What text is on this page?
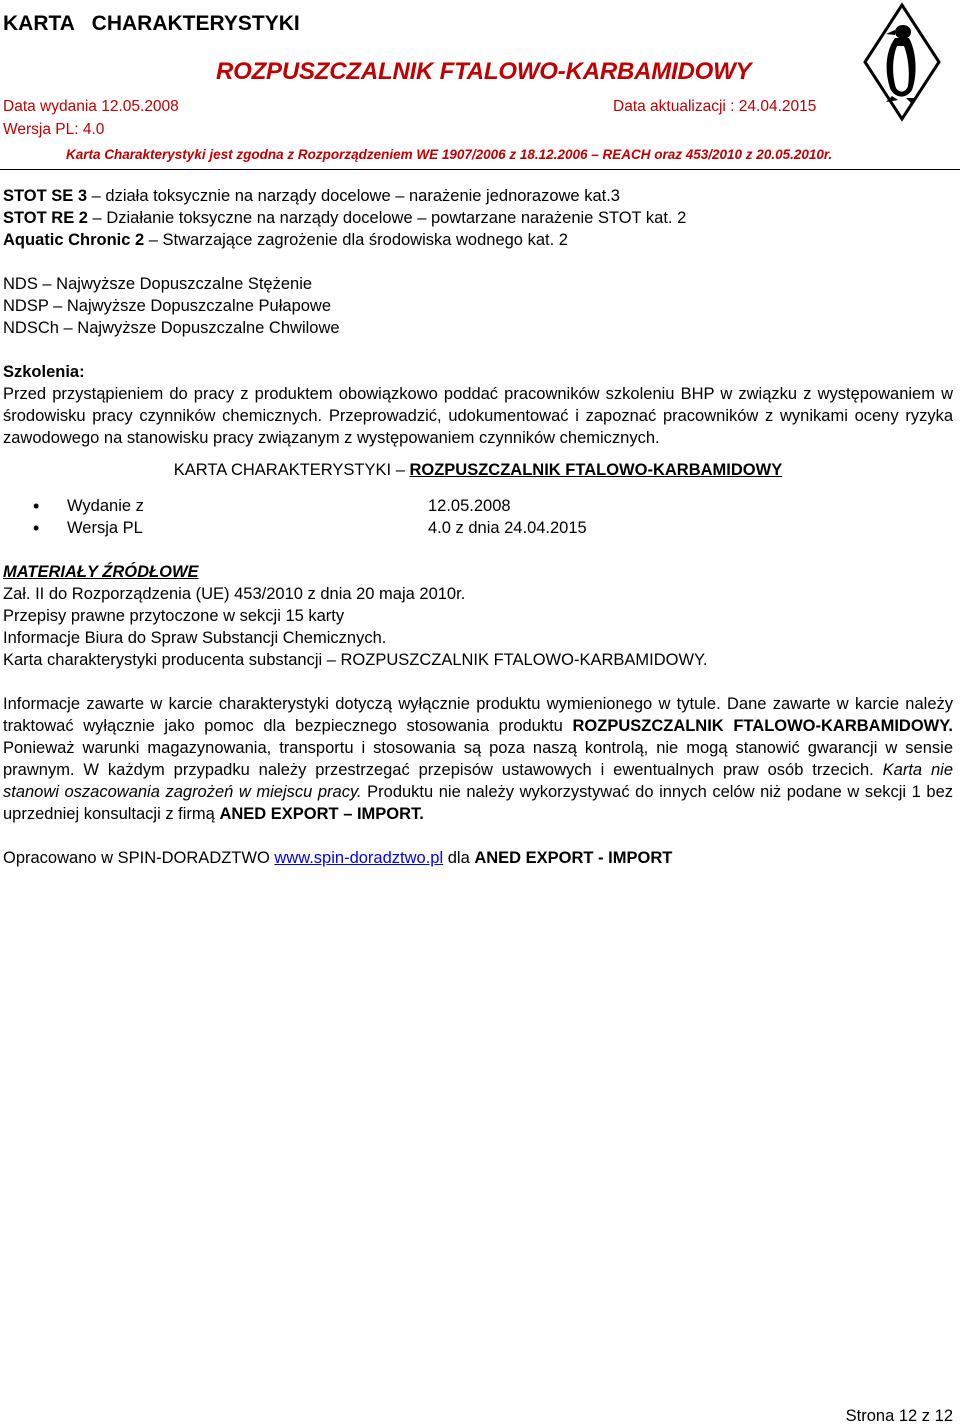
KARTA   CHARAKTERYSTYKI
ROZPUSZCZALNIK FTALOWO-KARBAMIDOWY
Data wydania 12.05.2008	Data aktualizacji : 24.04.2015
Wersja PL: 4.0
Karta Charakterystyki jest zgodna z Rozporządzeniem WE 1907/2006 z 18.12.2006 – REACH oraz 453/2010 z 20.05.2010r.
STOT SE 3 – działa toksycznie na narządy docelowe – narażenie jednorazowe kat.3
STOT RE 2 – Działanie toksyczne na narządy docelowe – powtarzane narażenie STOT kat. 2
Aquatic Chronic 2 – Stwarzające zagrożenie dla środowiska wodnego kat. 2
NDS – Najwyższe Dopuszczalne Stężenie
NDSP – Najwyższe Dopuszczalne Pułapowe
NDSCh – Najwyższe Dopuszczalne Chwilowe
Szkolenia:
Przed przystąpieniem do pracy z produktem obowiązkowo poddać pracowników szkoleniu BHP w związku z występowaniem w środowisku pracy czynników chemicznych. Przeprowadzić, udokumentować i zapoznać pracowników z wynikami oceny ryzyka zawodowego na stanowisku pracy związanym z występowaniem czynników chemicznych.
KARTA CHARAKTERYSTYKI – ROZPUSZCZALNIK FTALOWO-KARBAMIDOWY
• Wydanie z	12.05.2008
• Wersja PL	4.0 z dnia 24.04.2015
MATERIAŁY ŹRÓDŁOWE
Zał. II do Rozporządzenia (UE) 453/2010 z dnia 20 maja 2010r.
Przepisy prawne przytoczone w sekcji 15 karty
Informacje Biura do Spraw Substancji Chemicznych.
Karta charakterystyki producenta substancji – ROZPUSZCZALNIK FTALOWO-KARBAMIDOWY.
Informacje zawarte w karcie charakterystyki dotyczą wyłącznie produktu wymienionego w tytule. Dane zawarte w karcie należy traktować wyłącznie jako pomoc dla bezpiecznego stosowania produktu ROZPUSZCZALNIK FTALOWO-KARBAMIDOWY. Ponieważ warunki magazynowania, transportu i stosowania są poza naszą kontrolą, nie mogą stanowić gwarancji w sensie prawnym. W każdym przypadku należy przestrzegać przepisów ustawowych i ewentualnych praw osób trzecich. Karta nie stanowi oszacowania zagrożeń w miejscu pracy. Produktu nie należy wykorzystywać do innych celów niż podane w sekcji 1 bez uprzedniej konsultacji z firmą ANED EXPORT – IMPORT.
Opracowano w SPIN-DORADZTWO www.spin-doradztwo.pl dla ANED EXPORT - IMPORT
Strona 12 z 12
